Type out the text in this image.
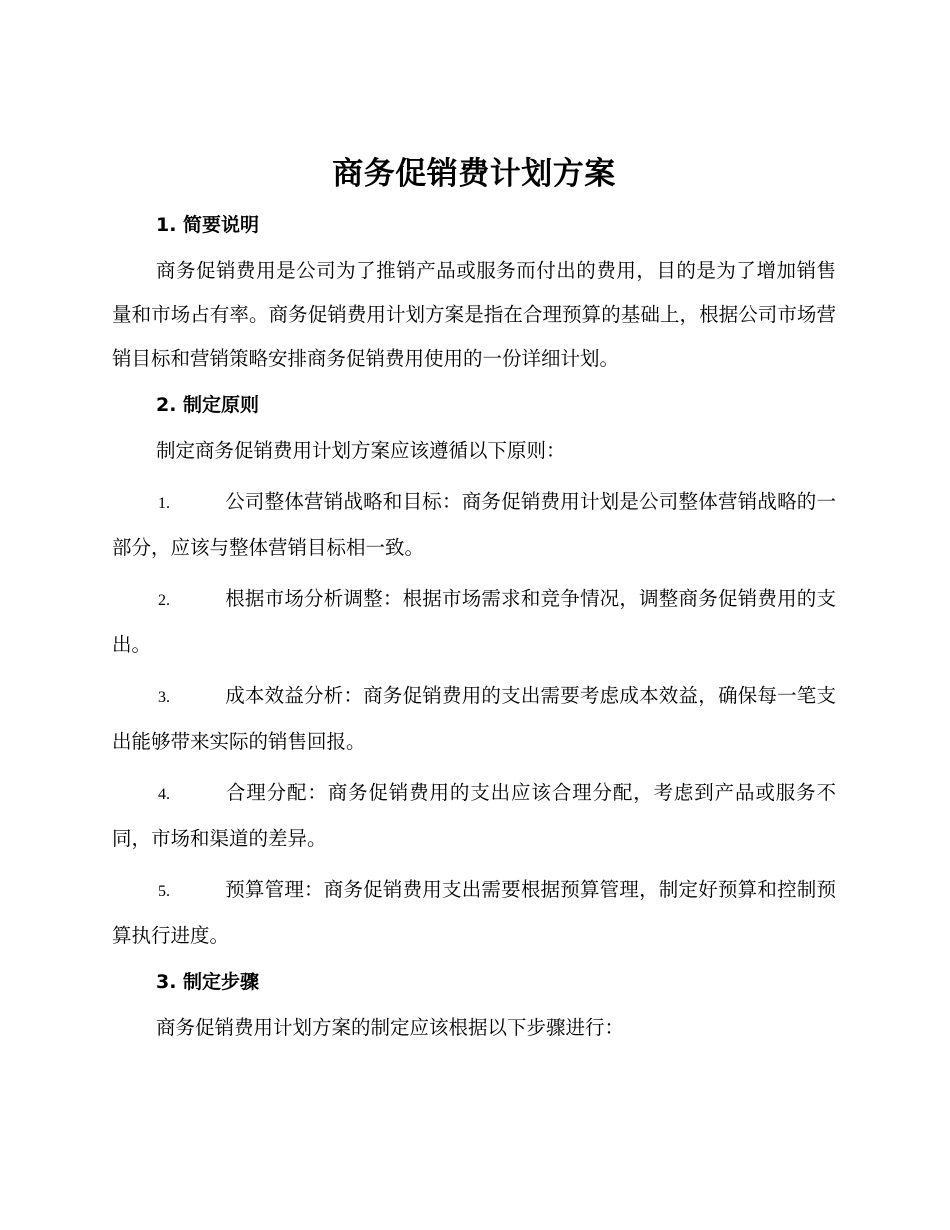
商务促销费计划方案
1. 简要说明

商务促销费用是公司为了推销产品或服务而付出的费用，目的是为了增加销售量和市场占有率。商务促销费用计划方案是指在合理预算的基础上，根据公司市场营销目标和营销策略安排商务促销费用使用的一份详细计划。

2. 制定原则

制定商务促销费用计划方案应该遵循以下原则：

1.	公司整体营销战略和目标：商务促销费用计划是公司整体营销战略的一部分，应该与整体营销目标相一致。

2.	根据市场分析调整：根据市场需求和竞争情况，调整商务促销费用的支出。

3.	成本效益分析：商务促销费用的支出需要考虑成本效益，确保每一笔支出能够带来实际的销售回报。

4.	合理分配：商务促销费用的支出应该合理分配，考虑到产品或服务不同，市场和渠道的差异。

5.	预算管理：商务促销费用支出需要根据预算管理，制定好预算和控制预算执行进度。

3. 制定步骤

商务促销费用计划方案的制定应该根据以下步骤进行：
